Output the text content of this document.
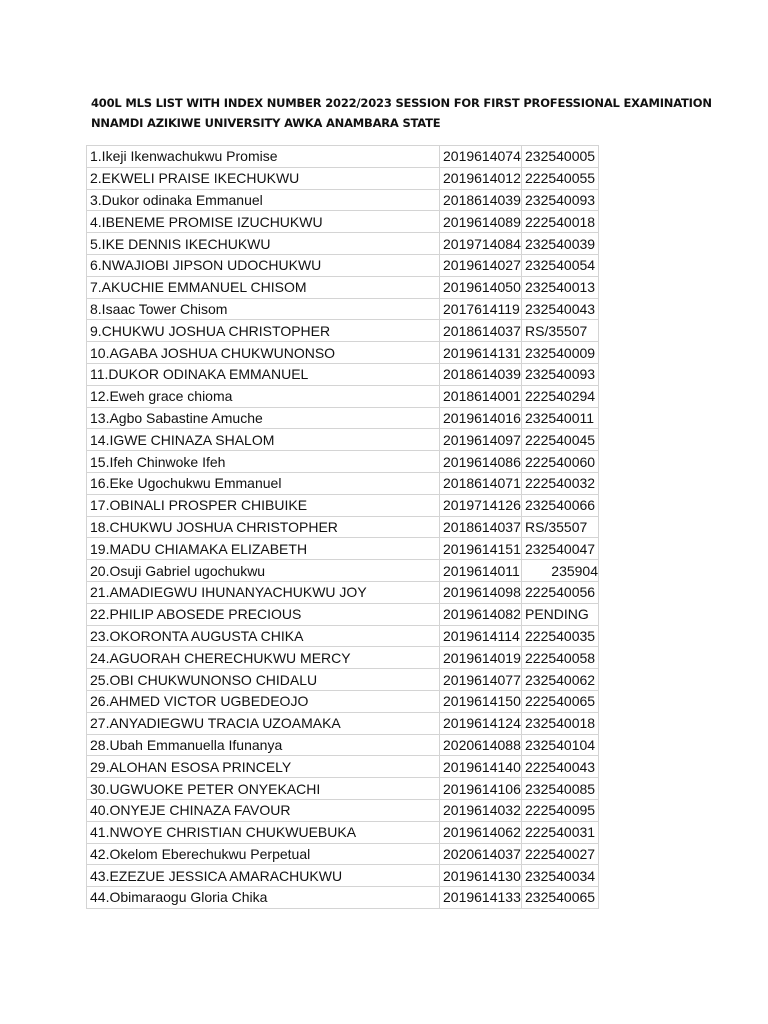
400L MLS LIST WITH INDEX NUMBER 2022/2023 SESSION FOR FIRST PROFESSIONAL EXAMINATION
NNAMDI AZIKIWE UNIVERSITY AWKA ANAMBARA STATE
1.Ikeji Ikenwachukwu Promise	2019614074	232540005
2.EKWELI PRAISE IKECHUKWU	2019614012	222540055
3.Dukor odinaka Emmanuel	2018614039	232540093
4.IBENEME PROMISE IZUCHUKWU	2019614089	222540018
5.IKE DENNIS IKECHUKWU	2019714084	232540039
6.NWAJIOBI JIPSON UDOCHUKWU	2019614027	232540054
7.AKUCHIE EMMANUEL CHISOM	2019614050	232540013
8.Isaac Tower Chisom	2017614119	232540043
9.CHUKWU JOSHUA CHRISTOPHER	2018614037	RS/35507
10.AGABA JOSHUA CHUKWUNONSO	2019614131	232540009
11.DUKOR ODINAKA EMMANUEL	2018614039	232540093
12.Eweh grace chioma	2018614001	222540294
13.Agbo Sabastine Amuche	2019614016	232540011
14.IGWE CHINAZA SHALOM	2019614097	222540045
15.Ifeh Chinwoke Ifeh	2019614086	222540060
16.Eke Ugochukwu Emmanuel	2018614071	222540032
17.OBINALI PROSPER CHIBUIKE	2019714126	232540066
18.CHUKWU JOSHUA CHRISTOPHER	2018614037	RS/35507
19.MADU CHIAMAKA ELIZABETH	2019614151	232540047
20.Osuji Gabriel ugochukwu	2019614011	235904
21.AMADIEGWU IHUNANYACHUKWU JOY	2019614098	222540056
22.PHILIP ABOSEDE PRECIOUS	2019614082	PENDING
23.OKORONTA AUGUSTA CHIKA	2019614114	222540035
24.AGUORAH CHERECHUKWU MERCY	2019614019	222540058
25.OBI CHUKWUNONSO CHIDALU	2019614077	232540062
26.AHMED VICTOR UGBEDEOJO	2019614150	222540065
27.ANYADIEGWU TRACIA UZOAMAKA	2019614124	232540018
28.Ubah Emmanuella Ifunanya	2020614088	232540104
29.ALOHAN ESOSA PRINCELY	2019614140	222540043
30.UGWUOKE PETER ONYEKACHI	2019614106	232540085
40.ONYEJE CHINAZA FAVOUR	2019614032	222540095
41.NWOYE CHRISTIAN CHUKWUEBUKA	2019614062	222540031
42.Okelom Eberechukwu Perpetual	2020614037	222540027
43.EZEZUE JESSICA AMARACHUKWU	2019614130	232540034
44.Obimaraogu Gloria Chika	2019614133	232540065
